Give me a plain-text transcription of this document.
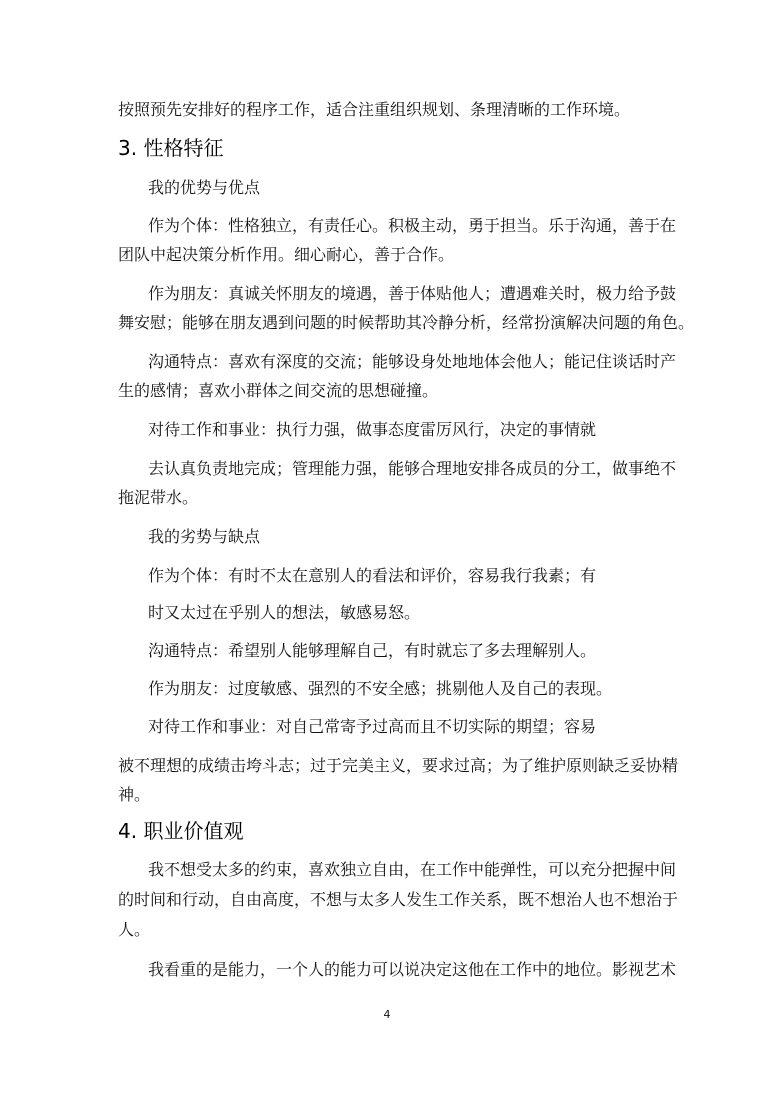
按照预先安排好的程序工作，适合注重组织规划、条理清晰的工作环境。
3. 性格特征
我的优势与优点
作为个体：性格独立，有责任心。积极主动，勇于担当。乐于沟通，善于在
团队中起决策分析作用。细心耐心，善于合作。
作为朋友：真诚关怀朋友的境遇，善于体贴他人；遭遇难关时，极力给予鼓
舞安慰；能够在朋友遇到问题的时候帮助其冷静分析，经常扮演解决问题的角色。
沟通特点：喜欢有深度的交流；能够设身处地地体会他人；能记住谈话时产
生的感情；喜欢小群体之间交流的思想碰撞。
对待工作和事业：执行力强，做事态度雷厉风行，决定的事情就
去认真负责地完成；管理能力强，能够合理地安排各成员的分工，做事绝不
拖泥带水。
我的劣势与缺点
作为个体：有时不太在意别人的看法和评价，容易我行我素；有
时又太过在乎别人的想法，敏感易怒。
沟通特点：希望别人能够理解自己，有时就忘了多去理解别人。
作为朋友：过度敏感、强烈的不安全感；挑剔他人及自己的表现。
对待工作和事业：对自己常寄予过高而且不切实际的期望；容易
被不理想的成绩击垮斗志；过于完美主义，要求过高；为了维护原则缺乏妥协精
神。
4. 职业价值观
我不想受太多的约束，喜欢独立自由，在工作中能弹性，可以充分把握中间
的时间和行动，自由高度，不想与太多人发生工作关系，既不想治人也不想治于
人。
我看重的是能力，一个人的能力可以说决定这他在工作中的地位。影视艺术
4
